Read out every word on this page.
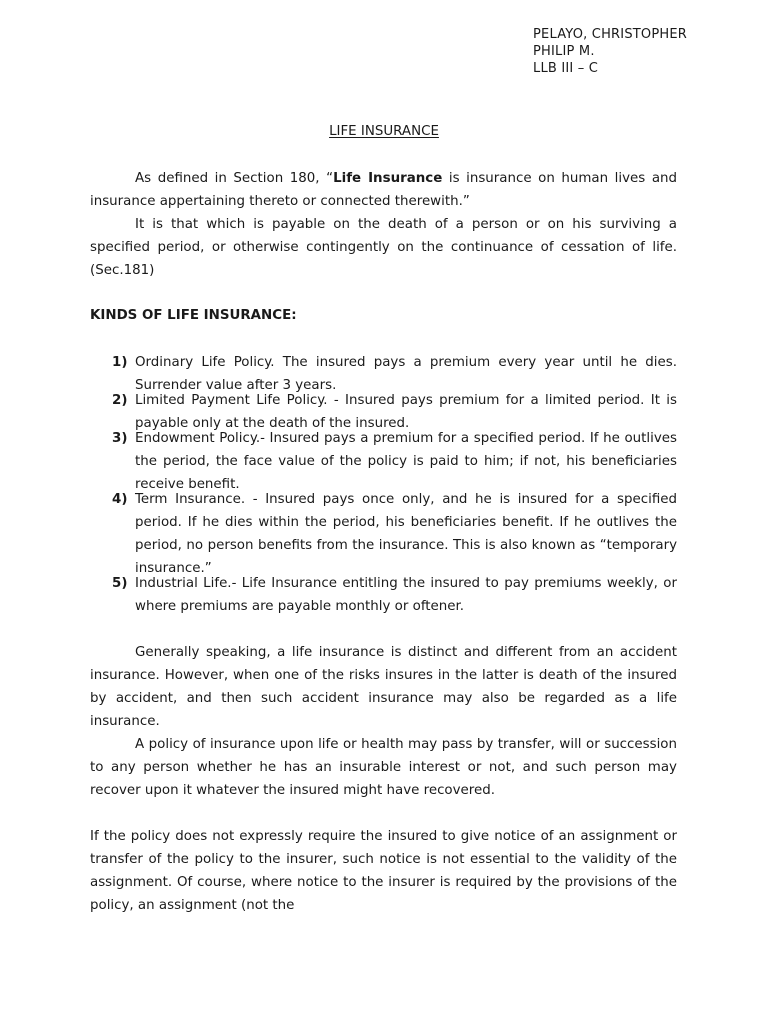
PELAYO, CHRISTOPHER
PHILIP M.
LLB III – C
LIFE INSURANCE

As defined in Section 180, “Life Insurance is insurance on human lives and insurance appertaining thereto or connected therewith.”

It is that which is payable on the death of a person or on his surviving a specified period, or otherwise contingently on the continuance of cessation of life. (Sec.181)

KINDS OF LIFE INSURANCE:
1) Ordinary Life Policy. The insured pays a premium every year until he dies. Surrender value after 3 years.
2) Limited Payment Life Policy. - Insured pays premium for a limited period. It is payable only at the death of the insured.
3) Endowment Policy.- Insured pays a premium for a specified period. If he outlives the period, the face value of the policy is paid to him; if not, his beneficiaries receive benefit.
4) Term Insurance. - Insured pays once only, and he is insured for a specified period. If he dies within the period, his beneficiaries benefit. If he outlives the period, no person benefits from the insurance. This is also known as “temporary insurance.”
5) Industrial Life.- Life Insurance entitling the insured to pay premiums weekly, or where premiums are payable monthly or oftener.

Generally speaking, a life insurance is distinct and different from an accident insurance. However, when one of the risks insures in the latter is death of the insured by accident, and then such accident insurance may also be regarded as a life insurance.

A policy of insurance upon life or health may pass by transfer, will or succession to any person whether he has an insurable interest or not, and such person may recover upon it whatever the insured might have recovered.

If the policy does not expressly require the insured to give notice of an assignment or transfer of the policy to the insurer, such notice is not essential to the validity of the assignment. Of course, where notice to the insurer is required by the provisions of the policy, an assignment (not the
